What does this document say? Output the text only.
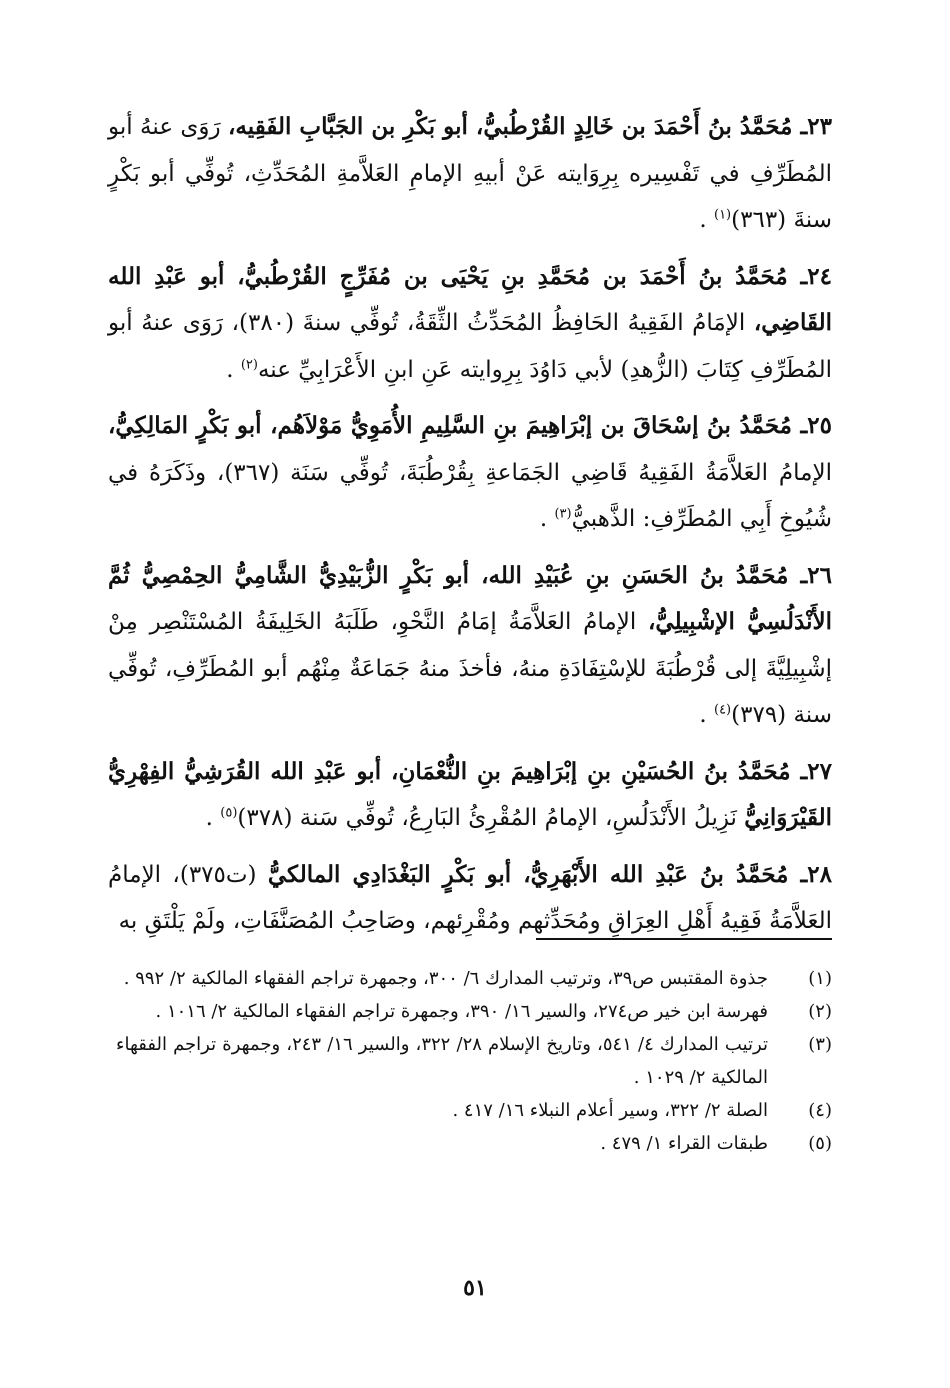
٢٣ـ مُحَمَّدُ بنُ أَحْمَدَ بن خَالِدٍ القُرْطُبيُّ، أبو بَكْرِ بن الجَبَّابِ الفَقِيه، رَوَى عنهُ أبو المُطَرِّفِ في تَفْسِيره بِرِوَايته عَنْ أبيهِ الإمامِ العَلاَّمةِ المُحَدِّثِ، تُوفِّي أبو بَكْرٍ سنةَ (٣٦٣)$^{(١)}$ .

٢٤ـ مُحَمَّدُ بنُ أَحْمَدَ بن مُحَمَّدِ بنِ يَحْيَى بن مُفَرِّجٍ القُرْطُبيُّ، أبو عَبْدِ الله القَاضِي، الإمَامُ الفَقِيهُ الحَافِظُ المُحَدِّثُ الثِّقَةُ، تُوفِّي سنةَ (٣٨٠)، رَوَى عنهُ أبو المُطَرِّفِ كِتَابَ (الزُّهدِ) لأبي دَاوُدَ بِرِوايته عَنِ ابنِ الأَعْرَابِيِّ عنه$^{(٢)}$ .

٢٥ـ مُحَمَّدُ بنُ إسْحَاقَ بن إبْرَاهِيمَ بنِ السَّلِيمِ الأُمَوِيُّ مَوْلاَهُم، أبو بَكْرٍ المَالِكِيُّ، الإمامُ العَلاَّمَةُ الفَقِيهُ قَاضِي الجَمَاعةِ بِقُرْطُبَةَ، تُوفِّي سَنَة (٣٦٧)، وذَكَرَهُ في شُيُوخِ أَبِي المُطَرِّفِ: الذَّهبيُّ$^{(٣)}$ .

٢٦ـ مُحَمَّدُ بنُ الحَسَنِ بنِ عُبَيْدِ الله، أبو بَكْرٍ الزُّبَيْدِيُّ الشَّامِيُّ الحِمْصِيُّ ثُمَّ الأَنْدَلُسِيُّ الإشْبِيلِيُّ، الإمامُ العَلاَّمَةُ إمَامُ النَّحْوِ، طَلَبَهُ الخَلِيفَةُ المُسْتَنْصِر مِنْ إشْبِيلِيَّةَ إلى قُرْطُبَةَ للإسْتِفَادَةِ منهُ، فأخذَ منهُ جَمَاعَةٌ مِنْهُم أبو المُطَرِّفِ، تُوفِّي سنة (٣٧٩)$^{(٤)}$ .

٢٧ـ مُحَمَّدُ بنُ الحُسَيْنِ بنِ إبْرَاهِيمَ بنِ النُّعْمَانِ، أبو عَبْدِ الله القُرَشِيُّ الفِهْرِيُّ القَيْرَوَانِيُّ نَزِيلُ الأَنْدَلُسِ، الإمامُ المُقْرِئُ البَارِعُ، تُوفِّي سَنة (٣٧٨)$^{(٥)}$ .

٢٨ـ مُحَمَّدُ بنُ عَبْدِ الله الأَبْهَرِيُّ، أبو بَكْرٍ البَغْدَادِي المالكيُّ (ت٣٧٥)، الإمامُ العَلاَّمَةُ فَقِيهُ أَهْلِ العِرَاقِ ومُحَدِّثهم ومُقْرِئهم، وصَاحِبُ المُصَنَّفَاتِ، ولَمْ يَلْتَقِ به

(١)
جذوة المقتبس ص٣٩، وترتيب المدارك ٦/ ٣٠٠، وجمهرة تراجم الفقهاء المالكية ٢/ ٩٩٢ .
(٢)
فهرسة ابن خير ص٢٧٤، والسير ١٦/ ٣٩٠، وجمهرة تراجم الفقهاء المالكية ٢/ ١٠١٦ .
(٣)
ترتيب المدارك ٤/ ٥٤١، وتاريخ الإسلام ٢٨/ ٣٢٢، والسير ١٦/ ٢٤٣، وجمهرة تراجم الفقهاء المالكية ٢/ ١٠٢٩ .
(٤)
الصلة ٢/ ٣٢٢، وسير أعلام النبلاء ١٦/ ٤١٧ .
(٥)
طبقات القراء ١/ ٤٧٩ .
٥١
